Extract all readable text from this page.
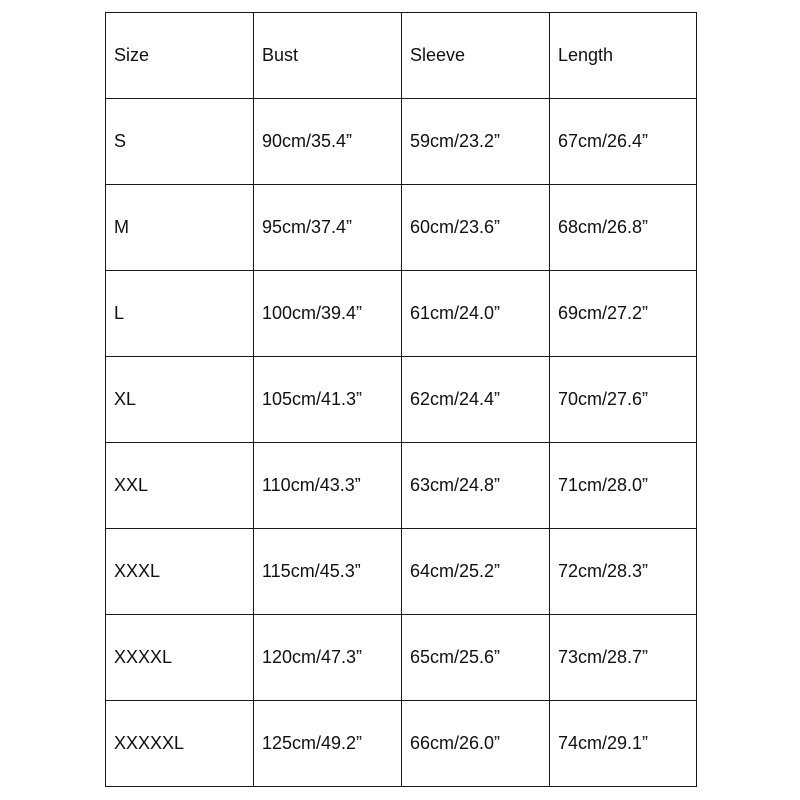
Size	Bust	Sleeve	Length
S	90cm/35.4”	59cm/23.2”	67cm/26.4”
M	95cm/37.4”	60cm/23.6”	68cm/26.8”
L	100cm/39.4”	61cm/24.0”	69cm/27.2”
XL	105cm/41.3”	62cm/24.4”	70cm/27.6”
XXL	110cm/43.3”	63cm/24.8”	71cm/28.0”
XXXL	115cm/45.3”	64cm/25.2”	72cm/28.3”
XXXXL	120cm/47.3”	65cm/25.6”	73cm/28.7”
XXXXXL	125cm/49.2”	66cm/26.0”	74cm/29.1”
